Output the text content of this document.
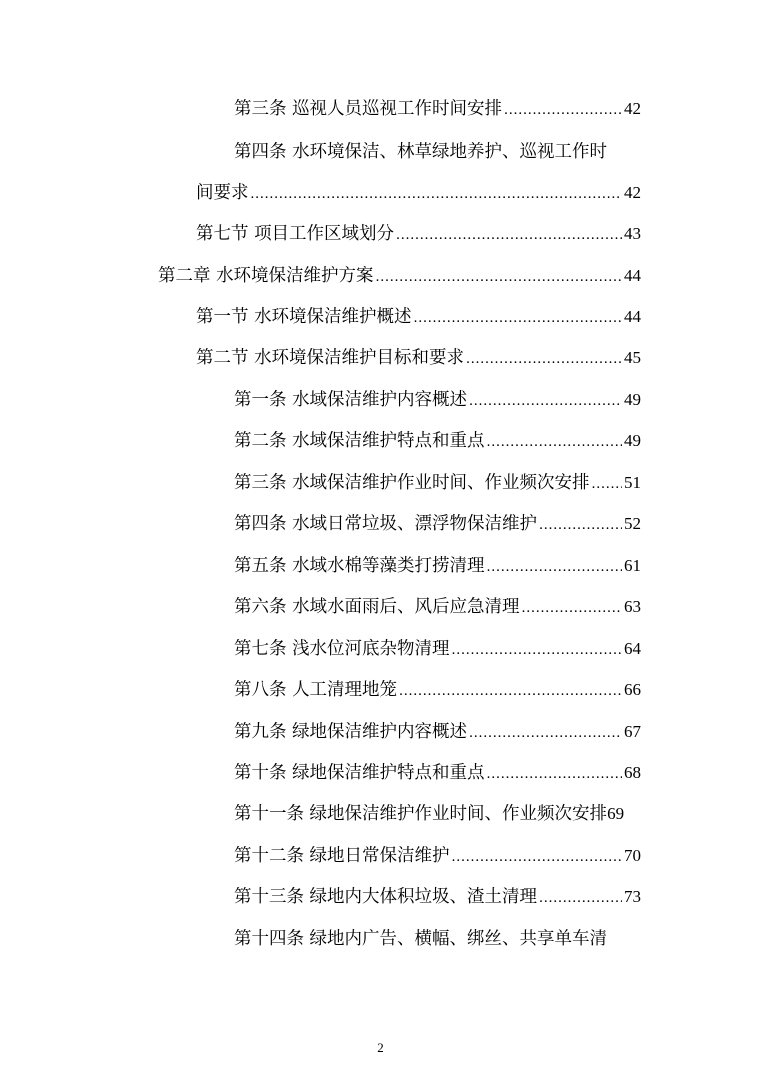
第三条 巡视人员巡视工作时间安排 .....	42
第四条 水环境保洁、林草绿地养护、巡视工作时
间要求 .....	42
第七节 项目工作区域划分 .....	43
第二章 水环境保洁维护方案 .....	44
第一节 水环境保洁维护概述 .....	44
第二节 水环境保洁维护目标和要求 .....	45
第一条 水域保洁维护内容概述 .....	49
第二条 水域保洁维护特点和重点 .....	49
第三条 水域保洁维护作业时间、作业频次安排 ..... 51
第四条 水域日常垃圾、漂浮物保洁维护 .....	52
第五条 水域水棉等藻类打捞清理 .....	61
第六条 水域水面雨后、风后应急清理 .....	63
第七条 浅水位河底杂物清理 .....	64
第八条 人工清理地笼 .....	66
第九条 绿地保洁维护内容概述 .....	67
第十条 绿地保洁维护特点和重点 .....	68
第十一条 绿地保洁维护作业时间、作业频次安排 69
第十二条 绿地日常保洁维护 .....	70
第十三条 绿地内大体积垃圾、渣土清理 .....	73
第十四条 绿地内广告、横幅、绑丝、共享单车清
2
